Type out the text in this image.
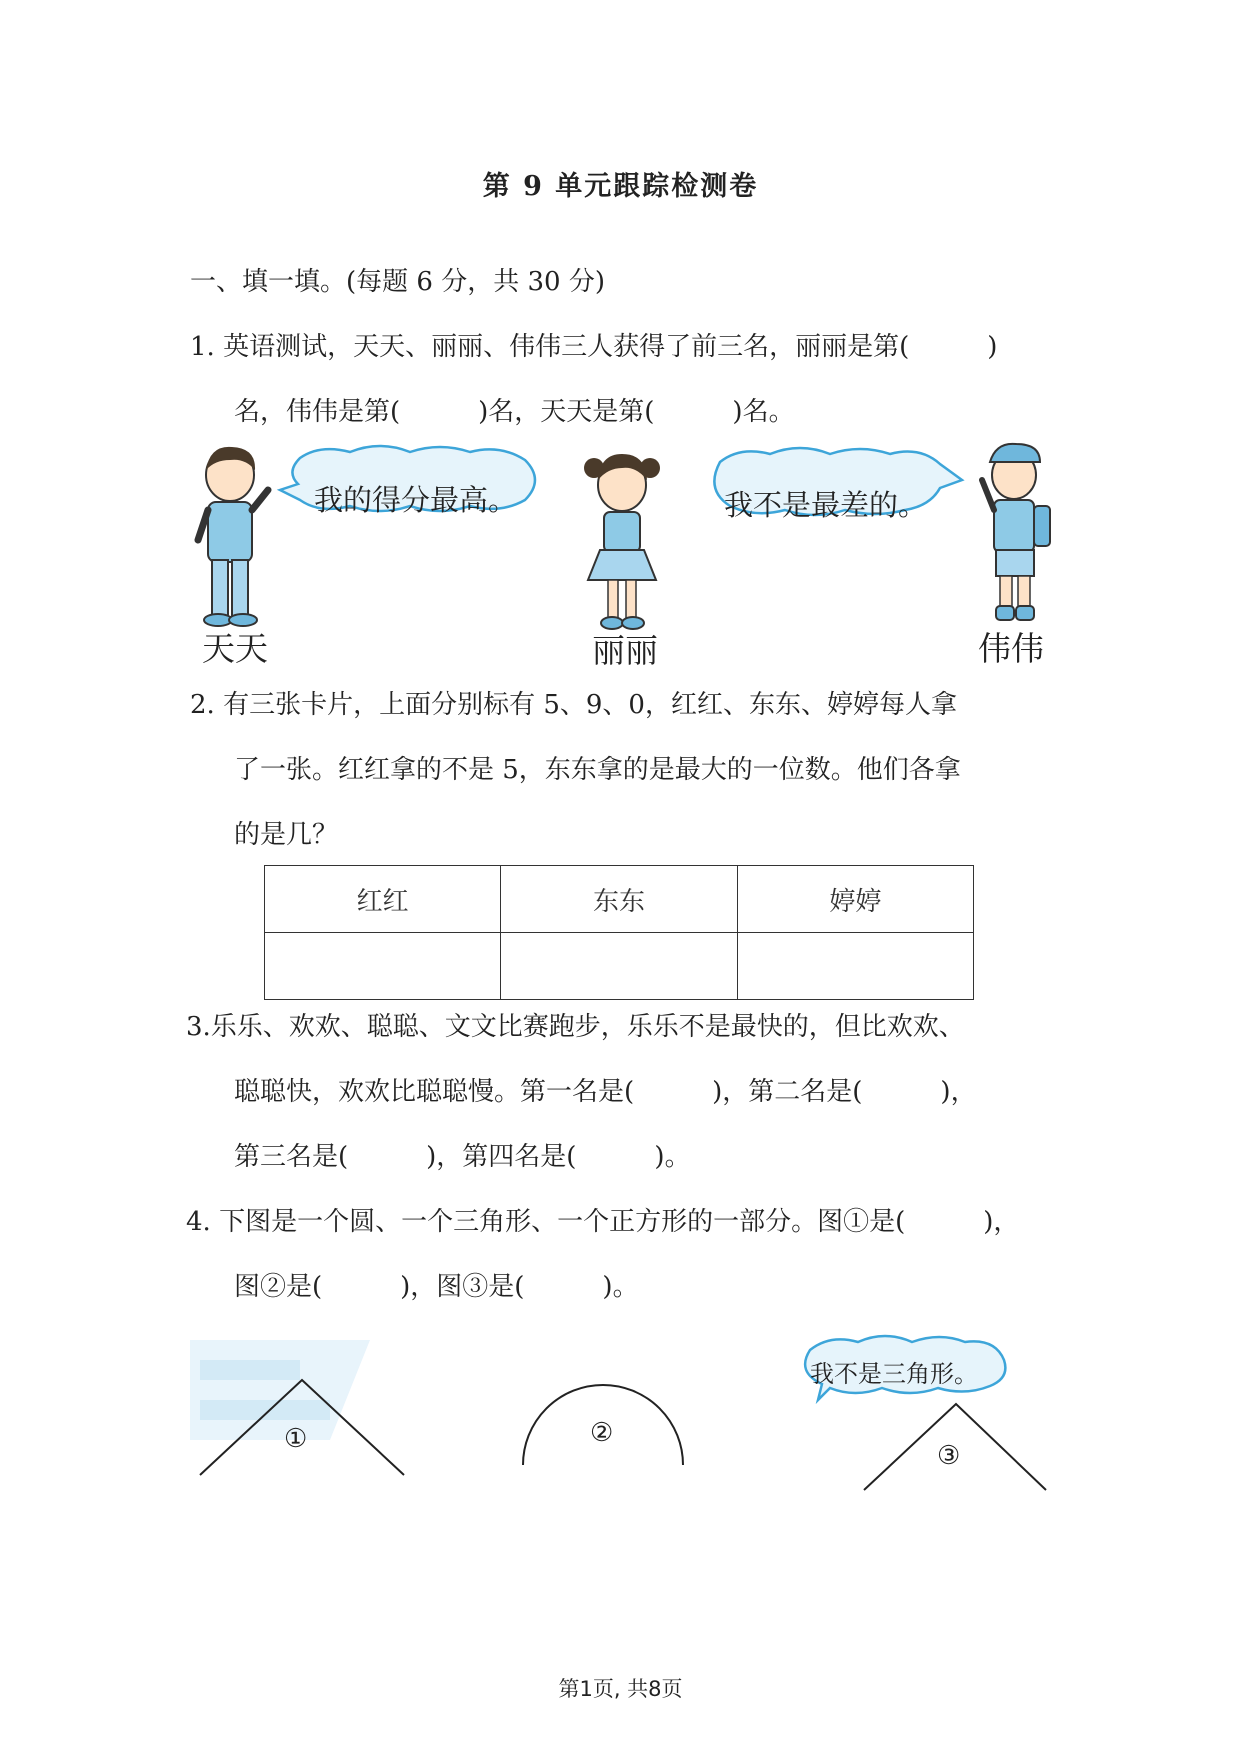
第 9 单元跟踪检测卷
一、填一填。(每题 6 分，共 30 分)
1. 英语测试，天天、丽丽、伟伟三人获得了前三名，丽丽是第(　　　)
名，伟伟是第(　　　)名，天天是第(　　　)名。
我的得分最高。	我不是最差的。
天天	丽丽	伟伟
2. 有三张卡片，上面分别标有 5、9、0，红红、东东、婷婷每人拿
了一张。红红拿的不是 5，东东拿的是最大的一位数。他们各拿
的是几？
红红	东东	婷婷

3.乐乐、欢欢、聪聪、文文比赛跑步，乐乐不是最快的，但比欢欢、
聪聪快，欢欢比聪聪慢。第一名是(　　　)，第二名是(　　　)，
第三名是(　　　)，第四名是(　　　)。
4. 下图是一个圆、一个三角形、一个正方形的一部分。图①是(　　　)，
图②是(　　　)，图③是(　　　)。
①	②
③
我不是三角形。
第1页, 共8页
